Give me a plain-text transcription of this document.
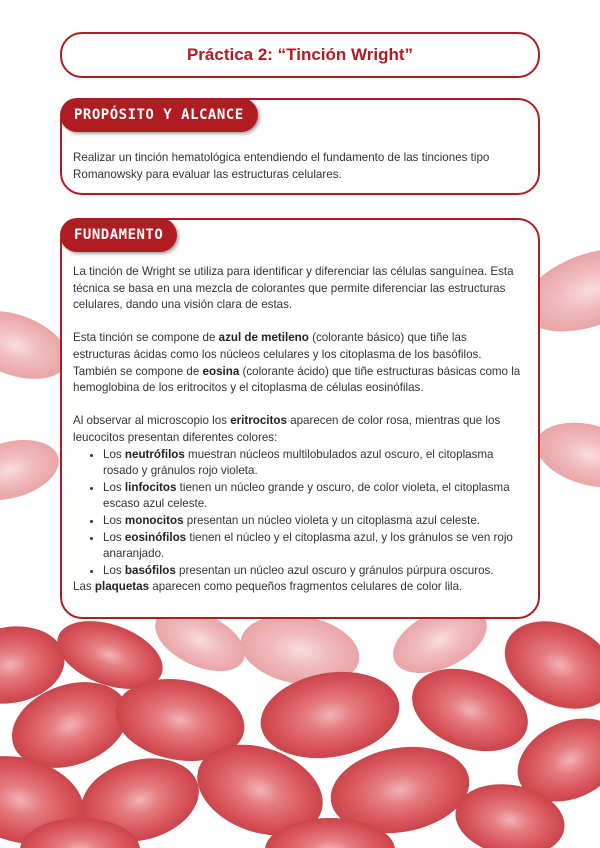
Práctica 2: “Tinción Wright”

PROPÓSITO Y ALCANCE
Realizar un tinción hematológica entendiendo el fundamento de las tinciones tipo Romanowsky para evaluar las estructuras celulares.
FUNDAMENTO

La tinción de Wright se utiliza para identificar y diferenciar las células sanguínea. Esta técnica se basa en una mezcla de colorantes que permite diferenciar las estructuras celulares, dando una visión clara de estas.

Esta tinción se compone de azul de metileno (colorante básico) que tiñe las estructuras ácidas como los núcleos celulares y los citoplasma de los basófilos. También se compone de eosina (colorante ácido) que tiñe estructuras básicas como la hemoglobina de los eritrocitos y el citoplasma de células eosinófilas.

Al observar al microscopio los eritrocitos aparecen de color rosa, mientras que los leucocitos presentan diferentes colores:

• Los neutrófilos muestran núcleos multilobulados azul oscuro, el citoplasma rosado y gránulos rojo violeta.
• Los linfocitos tienen un núcleo grande y oscuro, de color violeta, el citoplasma escaso azul celeste.
• Los monocitos presentan un núcleo violeta y un citoplasma azul celeste.
• Los eosinófilos tienen el núcleo y el citoplasma azul, y los gránulos se ven rojo anaranjado.
• Los basófilos presentan un núcleo azul oscuro y gránulos púrpura oscuros.

Las plaquetas aparecen como pequeños fragmentos celulares de color lila.
